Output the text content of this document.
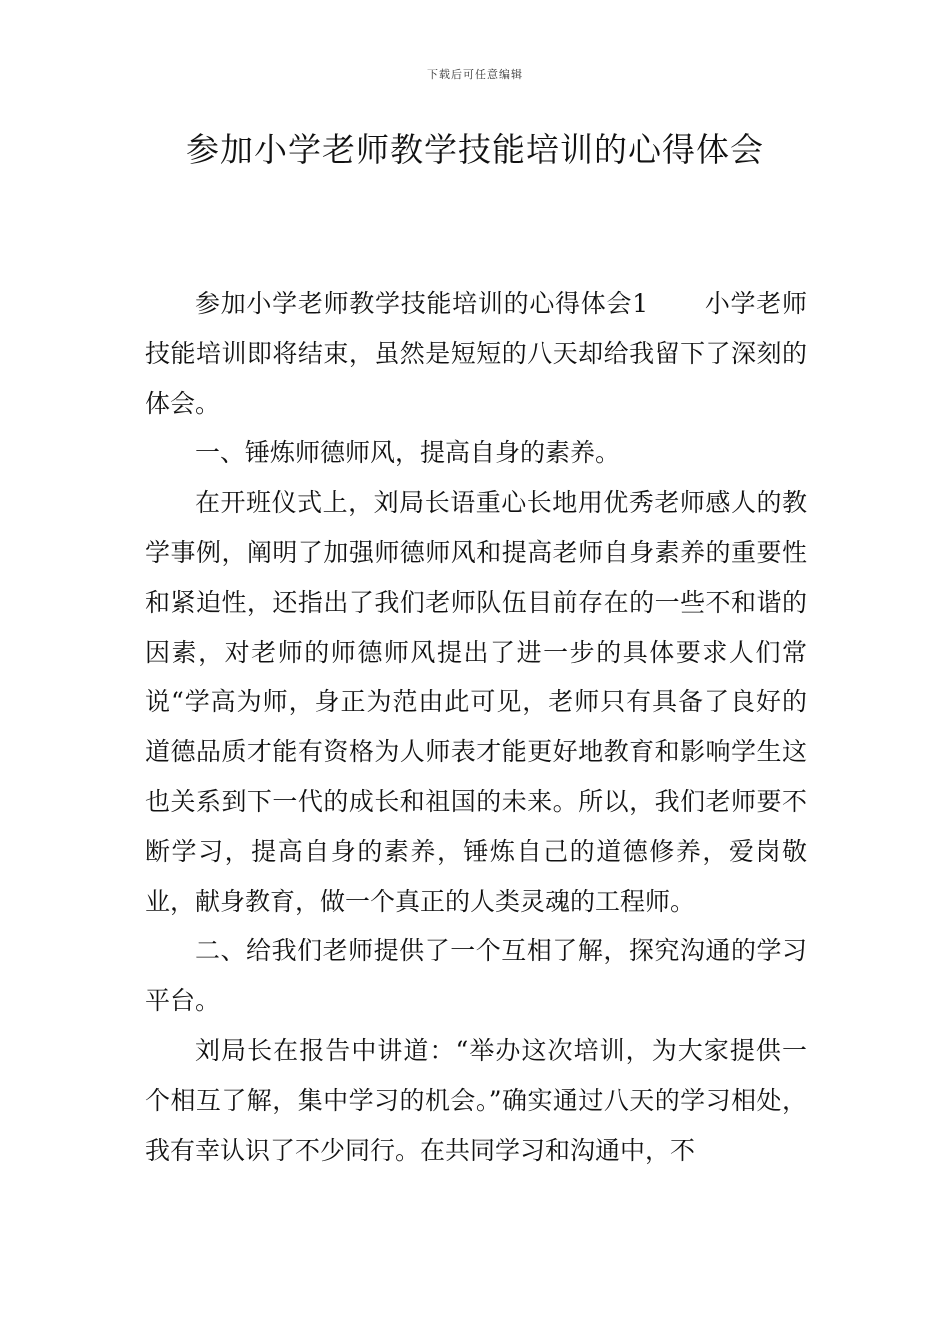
下载后可任意编辑
参加小学老师教学技能培训的心得体会

参加小学老师教学技能培训的心得体会1 小学老师技能培训即将结束，虽然是短短的八天却给我留下了深刻的体会。

一、锤炼师德师风，提高自身的素养。

在开班仪式上，刘局长语重心长地用优秀老师感人的教学事例，阐明了加强师德师风和提高老师自身素养的重要性和紧迫性，还指出了我们老师队伍目前存在的一些不和谐的因素，对老师的师德师风提出了进一步的具体要求人们常说“学高为师，身正为范由此可见，老师只有具备了良好的道德品质才能有资格为人师表才能更好地教育和影响学生这也关系到下一代的成长和祖国的未来。所以，我们老师要不断学习，提高自身的素养，锤炼自己的道德修养，爱岗敬业，献身教育，做一个真正的人类灵魂的工程师。

二、给我们老师提供了一个互相了解，探究沟通的学习平台。

刘局长在报告中讲道：“举办这次培训，为大家提供一个相互了解，集中学习的机会。”确实通过八天的学习相处，我有幸认识了不少同行。在共同学习和沟通中，不
